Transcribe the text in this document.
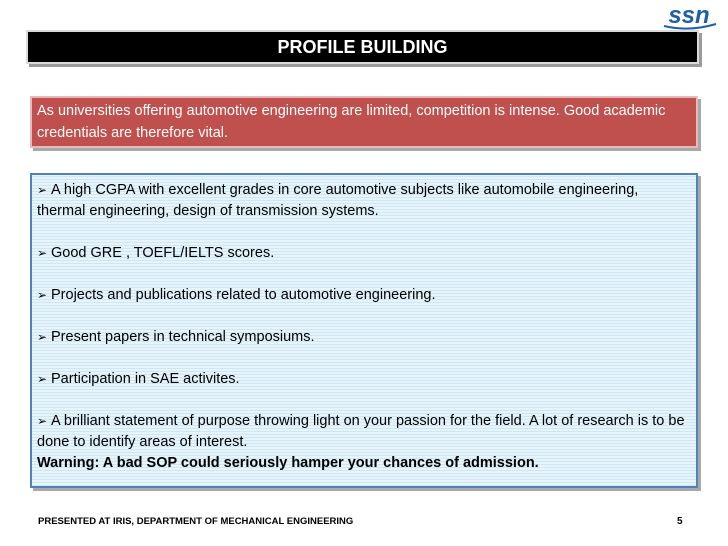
ssn
PROFILE BUILDING
As universities offering automotive engineering are limited, competition is intense. Good academic credentials are therefore vital.
➢ A high CGPA with excellent grades in core automotive subjects like automobile engineering, thermal engineering, design of transmission systems.
➢ Good GRE , TOEFL/IELTS scores.
➢ Projects and publications related to automotive engineering.
➢ Present papers in technical symposiums.
➢ Participation in SAE activites.
➢ A brilliant statement of purpose throwing light on your passion for the field. A lot of research is to be done to identify areas of interest.
Warning: A bad SOP could seriously hamper your chances of admission.
PRESENTED AT IRIS, DEPARTMENT OF MECHANICAL ENGINEERING	5
